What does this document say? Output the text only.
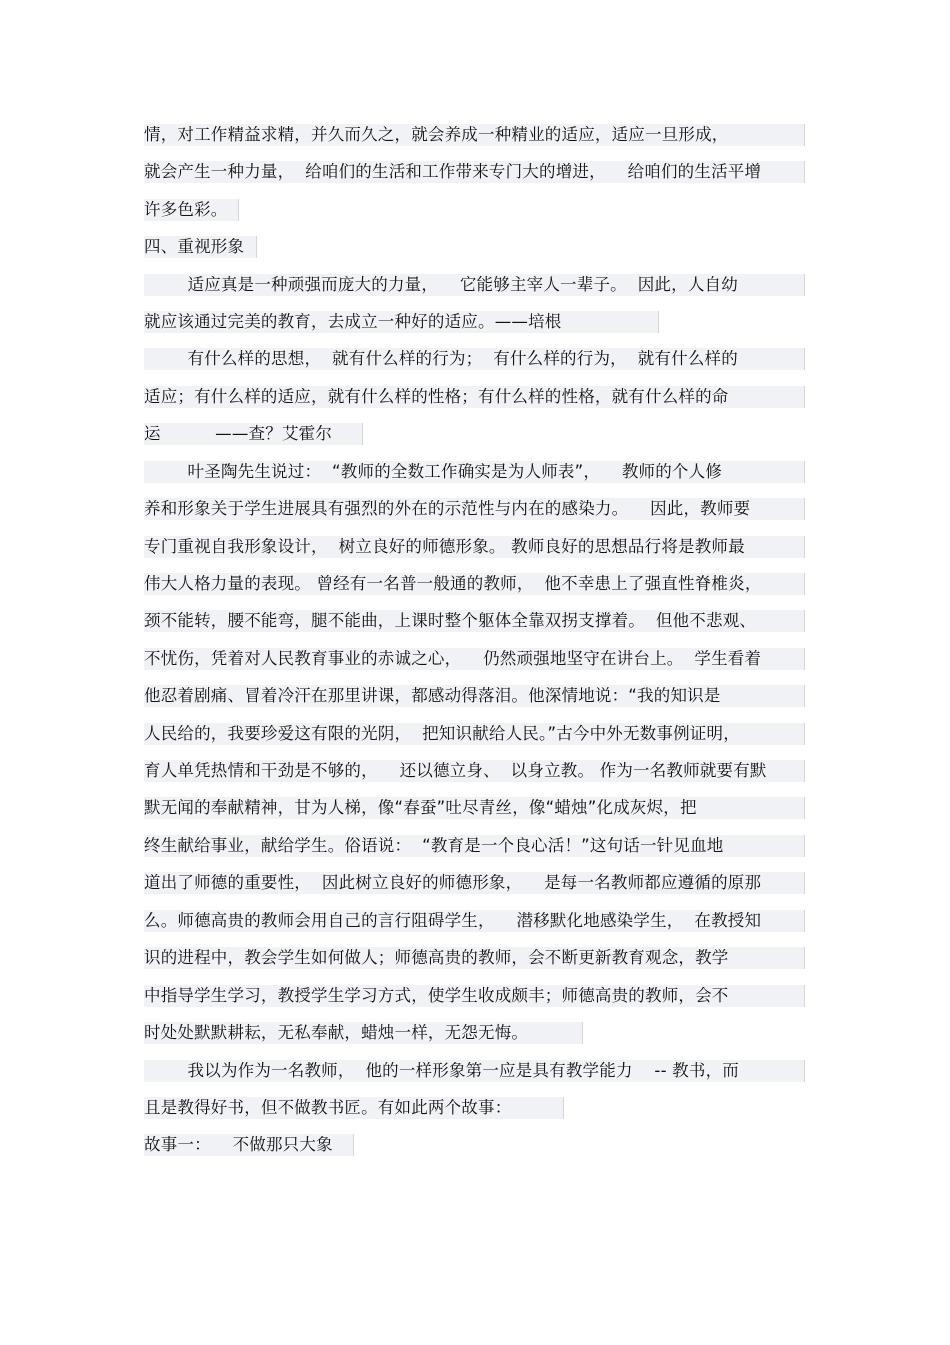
情，对工作精益求精，并久而久之，就会养成一种精业的适应，适应一旦形成，
就会产生一种力量，  给咱们的生活和工作带来专门大的增进，    给咱们的生活平增
许多色彩。
四、重视形象
适应真是一种顽强而庞大的力量，    它能够主宰人一辈子。  因此，人自幼
就应该通过完美的教育，去成立一种好的适应。——培根
有什么样的思想，  就有什么样的行为；  有什么样的行为，  就有什么样的
适应；有什么样的适应，就有什么样的性格；有什么样的性格，就有什么样的命
运          ——查？艾霍尔
叶圣陶先生说过：  “教师的全数工作确实是为人师表”，    教师的个人修
养和形象关于学生进展具有强烈的外在的示范性与内在的感染力。    因此，教师要
专门重视自我形象设计，  树立良好的师德形象。 教师良好的思想品行将是教师最
伟大人格力量的表现。 曾经有一名普一般通的教师，  他不幸患上了强直性脊椎炎，
颈不能转，腰不能弯，腿不能曲，上课时整个躯体全靠双拐支撑着。  但他不悲观、
不忧伤，凭着对人民教育事业的赤诚之心，    仍然顽强地坚守在讲台上。  学生看着
他忍着剧痛、冒着冷汗在那里讲课，都感动得落泪。他深情地说：“我的知识是
人民给的，我要珍爱这有限的光阴，  把知识献给人民。”古今中外无数事例证明，
育人单凭热情和干劲是不够的，    还以德立身、  以身立教。 作为一名教师就要有默
默无闻的奉献精神，甘为人梯，像“春蚕”吐尽青丝，像“蜡烛”化成灰烬，把
终生献给事业，献给学生。俗语说：  “教育是一个良心活！”这句话一针见血地
道出了师德的重要性，  因此树立良好的师德形象，    是每一名教师都应遵循的原那
么。师德高贵的教师会用自己的言行阻碍学生，    潜移默化地感染学生，  在教授知
识的进程中，教会学生如何做人；师德高贵的教师，会不断更新教育观念，教学
中指导学生学习，教授学生学习方式，使学生收成颇丰；师德高贵的教师，会不
时处处默默耕耘，无私奉献，蜡烛一样，无怨无悔。
我以为作为一名教师，  他的一样形象第一应是具有教学能力    -- 教书，而
且是教得好书，但不做教书匠。有如此两个故事：
故事一：    不做那只大象
